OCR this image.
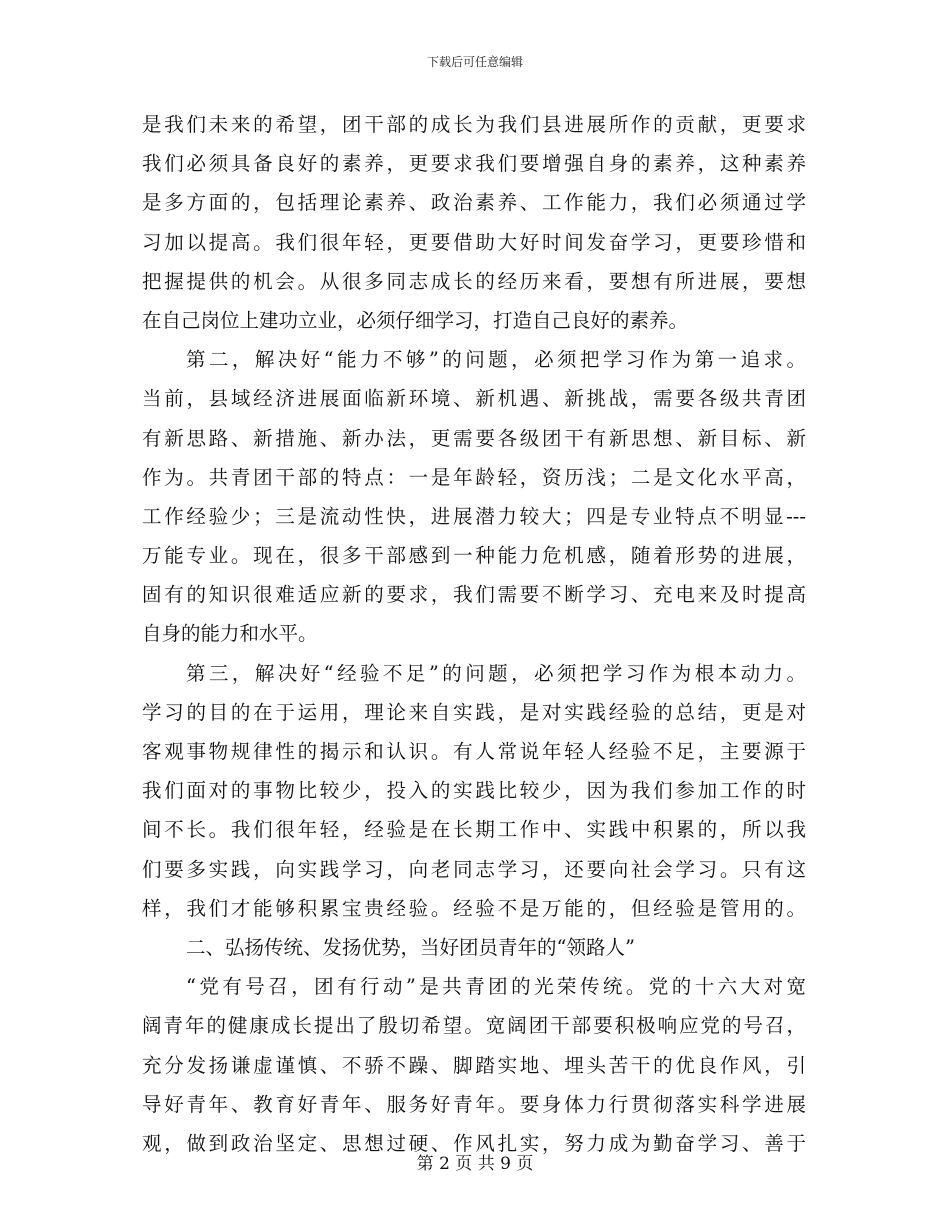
下载后可任意编辑
是我们未来的希望，团干部的成长为我们县进展所作的贡献，更要求
我们必须具备良好的素养，更要求我们要增强自身的素养，这种素养
是多方面的，包括理论素养、政治素养、工作能力，我们必须通过学
习加以提高。我们很年轻，更要借助大好时间发奋学习，更要珍惜和
把握提供的机会。从很多同志成长的经历来看，要想有所进展，要想
在自己岗位上建功立业，必须仔细学习，打造自己良好的素养。
第二，解决好“能力不够”的问题，必须把学习作为第一追求。
当前，县域经济进展面临新环境、新机遇、新挑战，需要各级共青团
有新思路、新措施、新办法，更需要各级团干有新思想、新目标、新
作为。共青团干部的特点：一是年龄轻，资历浅；二是文化水平高，
工作经验少；三是流动性快，进展潜力较大；四是专业特点不明显---
万能专业。现在，很多干部感到一种能力危机感，随着形势的进展，
固有的知识很难适应新的要求，我们需要不断学习、充电来及时提高
自身的能力和水平。
第三，解决好“经验不足”的问题，必须把学习作为根本动力。
学习的目的在于运用，理论来自实践，是对实践经验的总结，更是对
客观事物规律性的揭示和认识。有人常说年轻人经验不足，主要源于
我们面对的事物比较少，投入的实践比较少，因为我们参加工作的时
间不长。我们很年轻，经验是在长期工作中、实践中积累的，所以我
们要多实践，向实践学习，向老同志学习，还要向社会学习。只有这
样，我们才能够积累宝贵经验。经验不是万能的，但经验是管用的。
二、弘扬传统、发扬优势，当好团员青年的“领路人”
“党有号召，团有行动”是共青团的光荣传统。党的十六大对宽
阔青年的健康成长提出了殷切希望。宽阔团干部要积极响应党的号召，
充分发扬谦虚谨慎、不骄不躁、脚踏实地、埋头苦干的优良作风，引
导好青年、教育好青年、服务好青年。要身体力行贯彻落实科学进展
观，做到政治坚定、思想过硬、作风扎实，努力成为勤奋学习、善于
第 2 页 共 9 页
